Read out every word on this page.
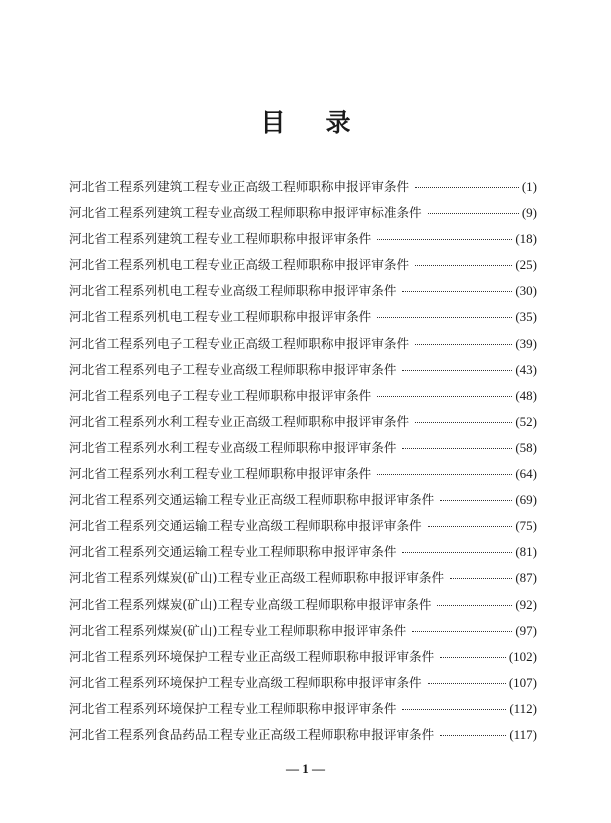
目 录
河北省工程系列建筑工程专业正高级工程师职称申报评审条件	(1)
河北省工程系列建筑工程专业高级工程师职称申报评审标准条件	(9)
河北省工程系列建筑工程专业工程师职称申报评审条件	(18)
河北省工程系列机电工程专业正高级工程师职称申报评审条件	(25)
河北省工程系列机电工程专业高级工程师职称申报评审条件	(30)
河北省工程系列机电工程专业工程师职称申报评审条件	(35)
河北省工程系列电子工程专业正高级工程师职称申报评审条件	(39)
河北省工程系列电子工程专业高级工程师职称申报评审条件	(43)
河北省工程系列电子工程专业工程师职称申报评审条件	(48)
河北省工程系列水利工程专业正高级工程师职称申报评审条件	(52)
河北省工程系列水利工程专业高级工程师职称申报评审条件	(58)
河北省工程系列水利工程专业工程师职称申报评审条件	(64)
河北省工程系列交通运输工程专业正高级工程师职称申报评审条件	(69)
河北省工程系列交通运输工程专业高级工程师职称申报评审条件	(75)
河北省工程系列交通运输工程专业工程师职称申报评审条件	(81)
河北省工程系列煤炭(矿山)工程专业正高级工程师职称申报评审条件	(87)
河北省工程系列煤炭(矿山)工程专业高级工程师职称申报评审条件	(92)
河北省工程系列煤炭(矿山)工程专业工程师职称申报评审条件	(97)
河北省工程系列环境保护工程专业正高级工程师职称申报评审条件	(102)
河北省工程系列环境保护工程专业高级工程师职称申报评审条件	(107)
河北省工程系列环境保护工程专业工程师职称申报评审条件	(112)
河北省工程系列食品药品工程专业正高级工程师职称申报评审条件	(117)
— 1 —
